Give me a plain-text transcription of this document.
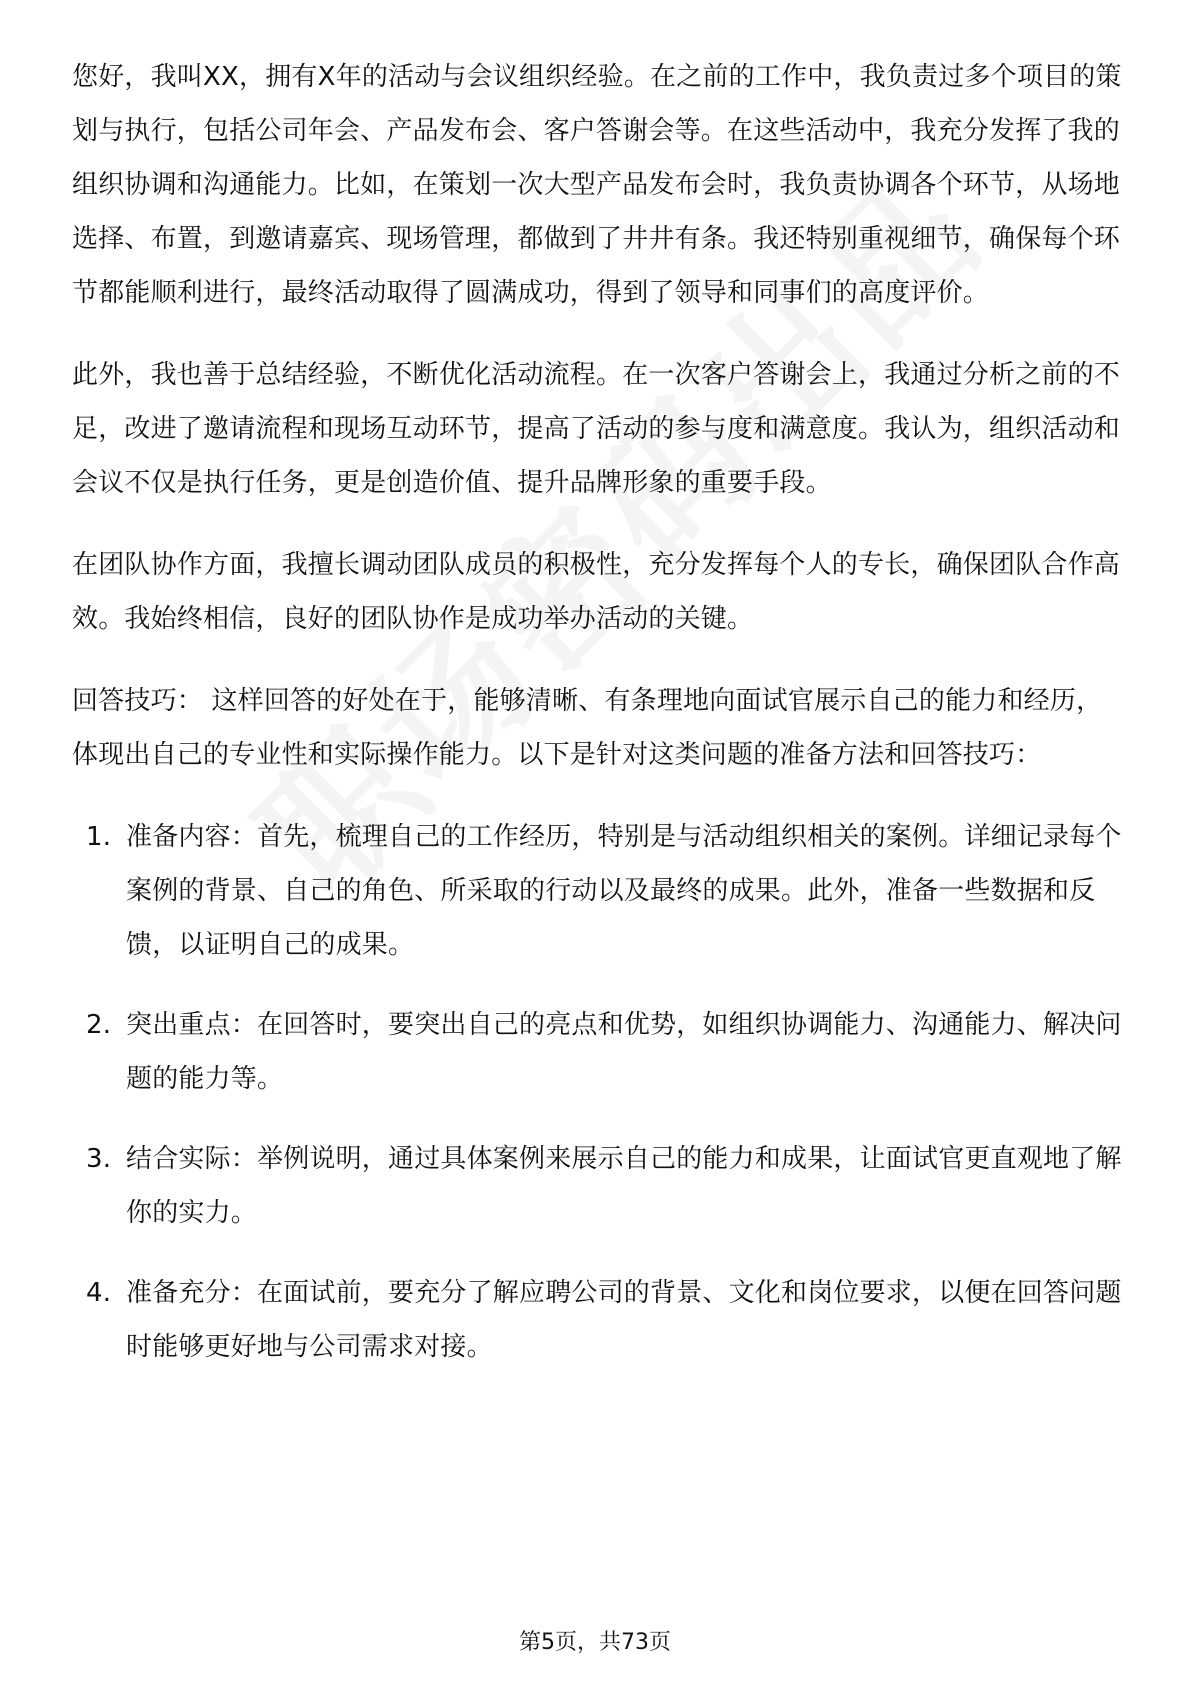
您好，我叫XX，拥有X年的活动与会议组织经验。在之前的工作中，我负责过多个项目的策划与执行，包括公司年会、产品发布会、客户答谢会等。在这些活动中，我充分发挥了我的组织协调和沟通能力。比如，在策划一次大型产品发布会时，我负责协调各个环节，从场地选择、布置，到邀请嘉宾、现场管理，都做到了井井有条。我还特别重视细节，确保每个环节都能顺利进行，最终活动取得了圆满成功，得到了领导和同事们的高度评价。

此外，我也善于总结经验，不断优化活动流程。在一次客户答谢会上，我通过分析之前的不足，改进了邀请流程和现场互动环节，提高了活动的参与度和满意度。我认为，组织活动和会议不仅是执行任务，更是创造价值、提升品牌形象的重要手段。

在团队协作方面，我擅长调动团队成员的积极性，充分发挥每个人的专长，确保团队合作高效。我始终相信，良好的团队协作是成功举办活动的关键。

回答技巧： 这样回答的好处在于，能够清晰、有条理地向面试官展示自己的能力和经历，体现出自己的专业性和实际操作能力。以下是针对这类问题的准备方法和回答技巧：

1. 准备内容：首先，梳理自己的工作经历，特别是与活动组织相关的案例。详细记录每个案例的背景、自己的角色、所采取的行动以及最终的成果。此外，准备一些数据和反馈，以证明自己的成果。
2. 突出重点：在回答时，要突出自己的亮点和优势，如组织协调能力、沟通能力、解决问题的能力等。
3. 结合实际：举例说明，通过具体案例来展示自己的能力和成果，让面试官更直观地了解你的实力。
4. 准备充分：在面试前，要充分了解应聘公司的背景、文化和岗位要求，以便在回答问题时能够更好地与公司需求对接。
第5页，共73页
